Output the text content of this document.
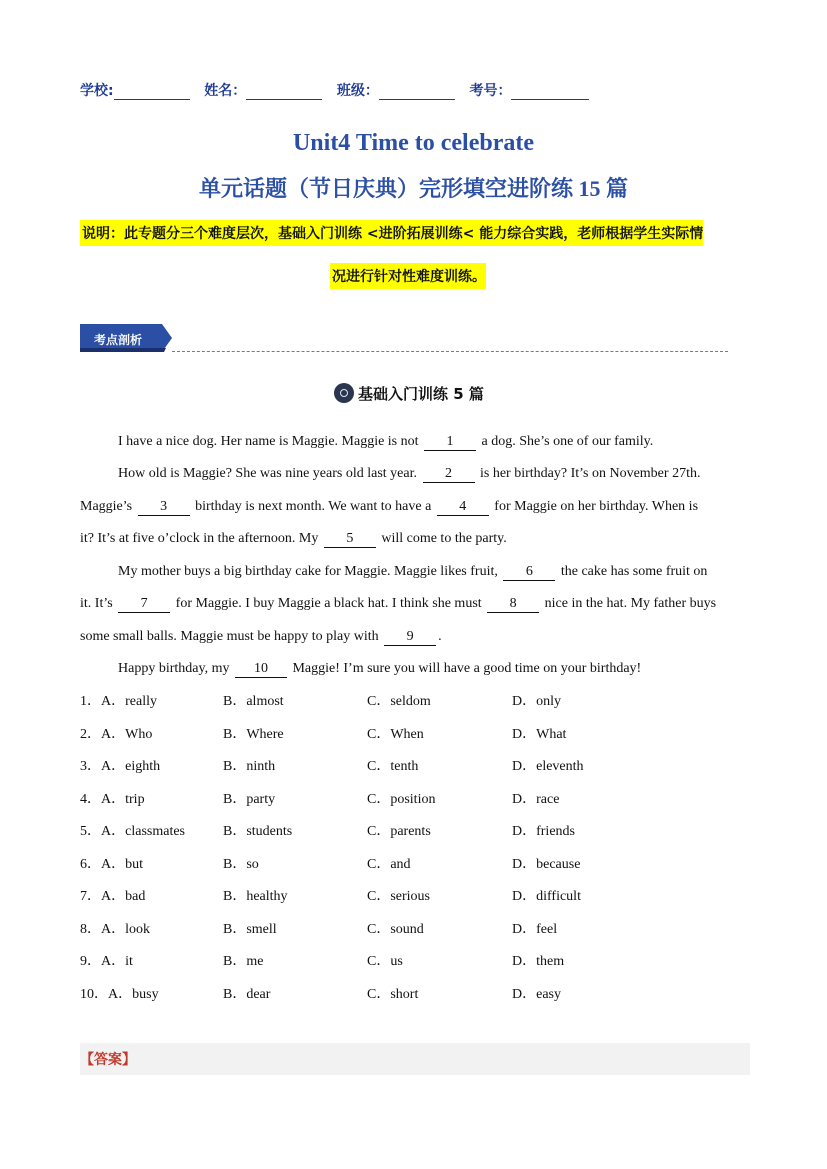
学校:	姓名：	班级：	考号：
Unit4 Time to celebrate
单元话题（节日庆典）完形填空进阶练 15 篇
说明：此专题分三个难度层次，基础入门训练 <进阶拓展训练< 能力综合实践，老师根据学生实际情
况进行针对性难度训练。
考点剖析
基础入门训练 5 篇
I have a nice dog. Her name is Maggie. Maggie is not 1 a dog. She’s one of our family.
How old is Maggie? She was nine years old last year. 2 is her birthday? It’s on November 27th.
Maggie’s 3 birthday is next month. We want to have a 4 for Maggie on her birthday. When is
it? It’s at five o’clock in the afternoon. My 5 will come to the party.
My mother buys a big birthday cake for Maggie. Maggie likes fruit, 6 the cake has some fruit on
it. It’s 7 for Maggie. I buy Maggie a black hat. I think she must 8 nice in the hat. My father buys
some small balls. Maggie must be happy to play with 9 .
Happy birthday, my 10 Maggie! I’m sure you will have a good time on your birthday!
1．A．really	B．almost	C．seldom	D．only
2．A．Who	B．Where	C．When	D．What
3．A．eighth	B．ninth	C．tenth	D．eleventh
4．A．trip	B．party	C．position	D．race
5．A．classmates	B．students	C．parents	D．friends
6．A．but	B．so	C．and	D．because
7．A．bad	B．healthy	C．serious	D．difficult
8．A．look	B．smell	C．sound	D．feel
9．A．it	B．me	C．us	D．them
10．A．busy	B．dear	C．short	D．easy
【答案】
